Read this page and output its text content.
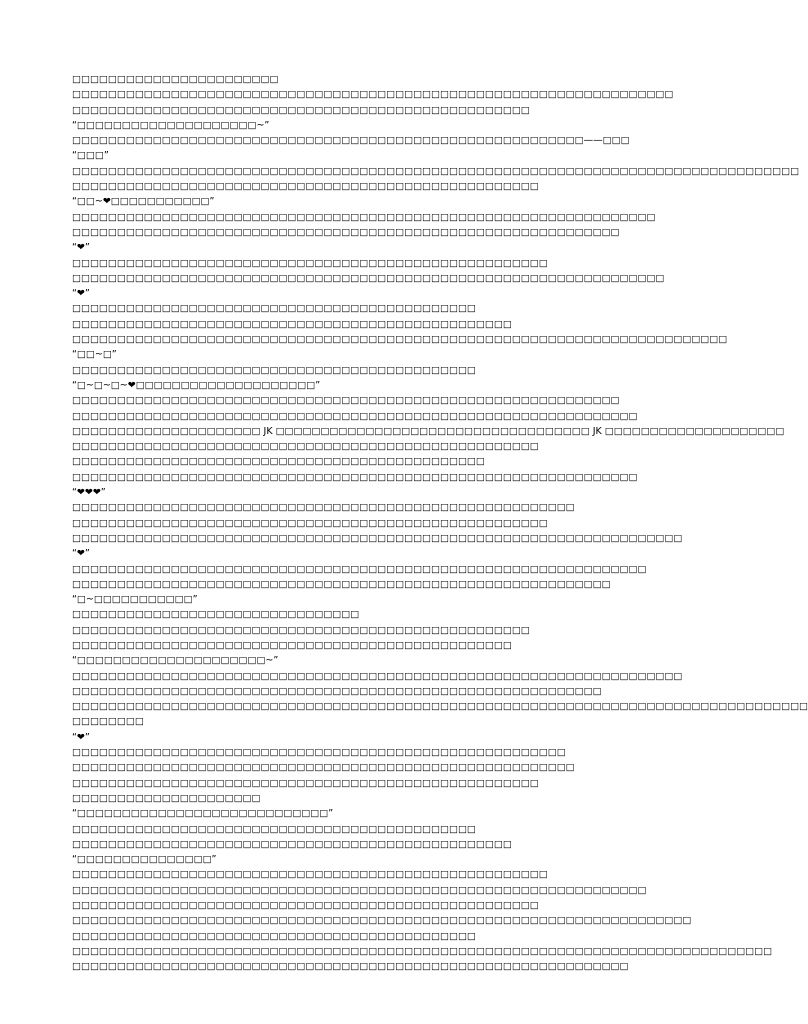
□□□□□□□□□□□□□□□□□□□□□□□
□□□□□□□□□□□□□□□□□□□□□□□□□□□□□□□□□□□□□□□□□□□□□□□□□□□□□□□□□□□□□□□□□□□
□□□□□□□□□□□□□□□□□□□□□□□□□□□□□□□□□□□□□□□□□□□□□□□□□□□
“□□□□□□□□□□□□□□□□□□□□~”
□□□□□□□□□□□□□□□□□□□□□□□□□□□□□□□□□□□□□□□□□□□□□□□□□□□□□□□□□——□□□
“□□□”
□□□□□□□□□□□□□□□□□□□□□□□□□□□□□□□□□□□□□□□□□□□□□□□□□□□□□□□□□□□□□□□□□□□□□□□□□□□□□□□□□
□□□□□□□□□□□□□□□□□□□□□□□□□□□□□□□□□□□□□□□□□□□□□□□□□□□□
“□□~❤□□□□□□□□□□□”
□□□□□□□□□□□□□□□□□□□□□□□□□□□□□□□□□□□□□□□□□□□□□□□□□□□□□□□□□□□□□□□□□
□□□□□□□□□□□□□□□□□□□□□□□□□□□□□□□□□□□□□□□□□□□□□□□□□□□□□□□□□□□□□
“❤”
□□□□□□□□□□□□□□□□□□□□□□□□□□□□□□□□□□□□□□□□□□□□□□□□□□□□□
□□□□□□□□□□□□□□□□□□□□□□□□□□□□□□□□□□□□□□□□□□□□□□□□□□□□□□□□□□□□□□□□□□
“❤”
□□□□□□□□□□□□□□□□□□□□□□□□□□□□□□□□□□□□□□□□□□□□□
□□□□□□□□□□□□□□□□□□□□□□□□□□□□□□□□□□□□□□□□□□□□□□□□□
□□□□□□□□□□□□□□□□□□□□□□□□□□□□□□□□□□□□□□□□□□□□□□□□□□□□□□□□□□□□□□□□□□□□□□□□□
“□□~□”
□□□□□□□□□□□□□□□□□□□□□□□□□□□□□□□□□□□□□□□□□□□□□
“□~□~□~❤□□□□□□□□□□□□□□□□□□□□”
□□□□□□□□□□□□□□□□□□□□□□□□□□□□□□□□□□□□□□□□□□□□□□□□□□□□□□□□□□□□□
□□□□□□□□□□□□□□□□□□□□□□□□□□□□□□□□□□□□□□□□□□□□□□□□□□□□□□□□□□□□□□□
□□□□□□□□□□□□□□□□□□□□□ JK □□□□□□□□□□□□□□□□□□□□□□□□□□□□□□□□□□□ JK □□□□□□□□□□□□□□□□□□□□
□□□□□□□□□□□□□□□□□□□□□□□□□□□□□□□□□□□□□□□□□□□□□□□□□□□□
□□□□□□□□□□□□□□□□□□□□□□□□□□□□□□□□□□□□□□□□□□□□□□
□□□□□□□□□□□□□□□□□□□□□□□□□□□□□□□□□□□□□□□□□□□□□□□□□□□□□□□□□□□□□□□
“❤❤❤”
□□□□□□□□□□□□□□□□□□□□□□□□□□□□□□□□□□□□□□□□□□□□□□□□□□□□□□□□
□□□□□□□□□□□□□□□□□□□□□□□□□□□□□□□□□□□□□□□□□□□□□□□□□□□□□
□□□□□□□□□□□□□□□□□□□□□□□□□□□□□□□□□□□□□□□□□□□□□□□□□□□□□□□□□□□□□□□□□□□□
“❤”
□□□□□□□□□□□□□□□□□□□□□□□□□□□□□□□□□□□□□□□□□□□□□□□□□□□□□□□□□□□□□□□□
□□□□□□□□□□□□□□□□□□□□□□□□□□□□□□□□□□□□□□□□□□□□□□□□□□□□□□□□□□□□
“□~□□□□□□□□□□□”
□□□□□□□□□□□□□□□□□□□□□□□□□□□□□□□□
□□□□□□□□□□□□□□□□□□□□□□□□□□□□□□□□□□□□□□□□□□□□□□□□□□□
□□□□□□□□□□□□□□□□□□□□□□□□□□□□□□□□□□□□□□□□□□□□□□□□□
“□□□□□□□□□□□□□□□□□□□□□~”
□□□□□□□□□□□□□□□□□□□□□□□□□□□□□□□□□□□□□□□□□□□□□□□□□□□□□□□□□□□□□□□□□□□□
□□□□□□□□□□□□□□□□□□□□□□□□□□□□□□□□□□□□□□□□□□□□□□□□□□□□□□□□□□□
□□□□□□□□□□□□□□□□□□□□□□□□□□□□□□□□□□□□□□□□□□□□□□□□□□□□□□□□□□□□□□□□□□□□□□□□□□□□□□□□□□
□□□□□□□□
“❤”
□□□□□□□□□□□□□□□□□□□□□□□□□□□□□□□□□□□□□□□□□□□□□□□□□□□□□□□
□□□□□□□□□□□□□□□□□□□□□□□□□□□□□□□□□□□□□□□□□□□□□□□□□□□□□□□□
□□□□□□□□□□□□□□□□□□□□□□□□□□□□□□□□□□□□□□□□□□□□□□□□□□□□
□□□□□□□□□□□□□□□□□□□□□
“□□□□□□□□□□□□□□□□□□□□□□□□□□□□”
□□□□□□□□□□□□□□□□□□□□□□□□□□□□□□□□□□□□□□□□□□□□□
□□□□□□□□□□□□□□□□□□□□□□□□□□□□□□□□□□□□□□□□□□□□□□□□□
“□□□□□□□□□□□□□□□”
□□□□□□□□□□□□□□□□□□□□□□□□□□□□□□□□□□□□□□□□□□□□□□□□□□□□□
□□□□□□□□□□□□□□□□□□□□□□□□□□□□□□□□□□□□□□□□□□□□□□□□□□□□□□□□□□□□□□□□
□□□□□□□□□□□□□□□□□□□□□□□□□□□□□□□□□□□□□□□□□□□□□□□□□□□□
□□□□□□□□□□□□□□□□□□□□□□□□□□□□□□□□□□□□□□□□□□□□□□□□□□□□□□□□□□□□□□□□□□□□□
□□□□□□□□□□□□□□□□□□□□□□□□□□□□□□□□□□□□□□□□□□□□□
□□□□□□□□□□□□□□□□□□□□□□□□□□□□□□□□□□□□□□□□□□□□□□□□□□□□□□□□□□□□□□□□□□□□□□□□□□□□□□
□□□□□□□□□□□□□□□□□□□□□□□□□□□□□□□□□□□□□□□□□□□□□□□□□□□□□□□□□□□□□□
